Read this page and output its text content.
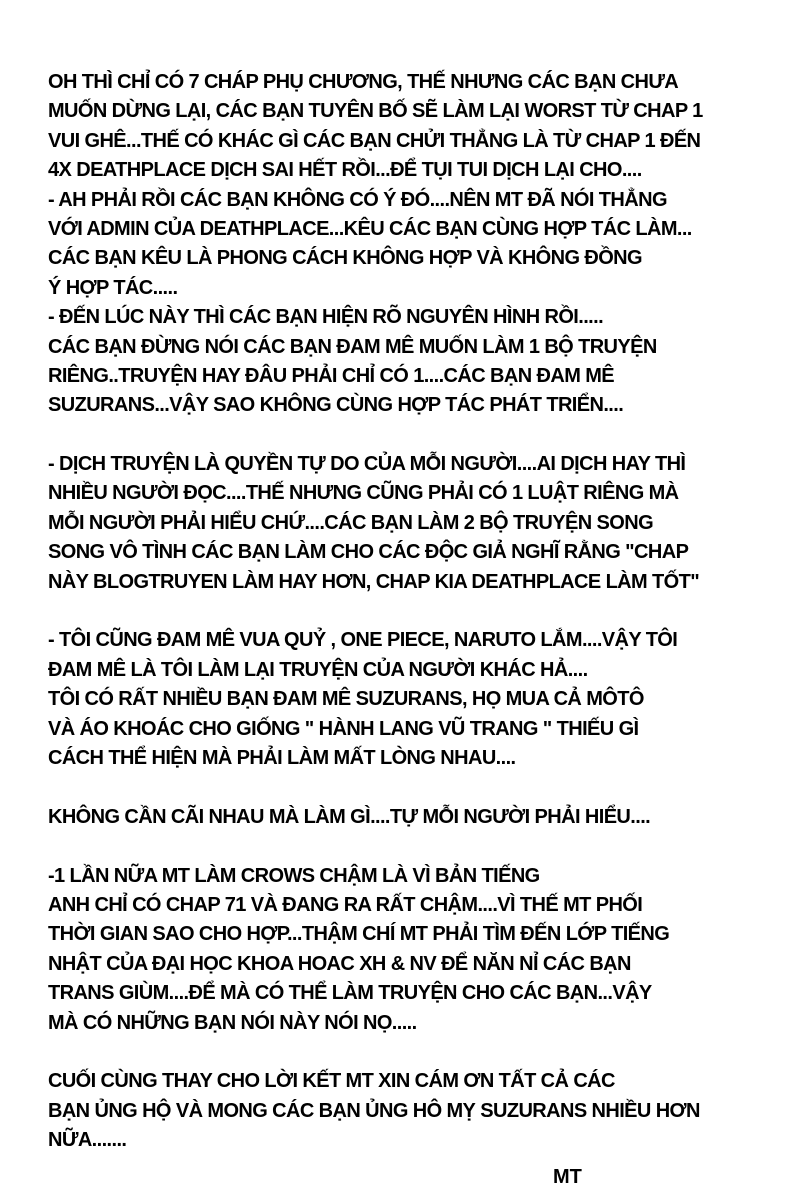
OH THÌ CHỈ CÓ 7 CHÁP PHỤ CHƯƠNG, THẾ NHƯNG CÁC BẠN CHƯA
MUỐN DỪNG LẠI, CÁC BẠN TUYÊN BỐ SẼ LÀM LẠI WORST TỪ CHAP 1
VUI GHÊ...THẾ CÓ KHÁC GÌ CÁC BẠN CHỬI THẲNG LÀ TỪ CHAP 1 ĐẾN
4X DEATHPLACE DỊCH SAI HẾT RỒI...ĐỂ TỤI TUI DỊCH LẠI CHO....
- AH PHẢI RỒI CÁC BẠN KHÔNG CÓ Ý ĐÓ....NÊN MT ĐÃ NÓI THẲNG
VỚI ADMIN CỦA DEATHPLACE...KÊU CÁC BẠN CÙNG HỢP TÁC LÀM...
CÁC BẠN KÊU LÀ PHONG CÁCH KHÔNG HỢP VÀ KHÔNG ĐỒNG
Ý HỢP TÁC.....
- ĐẾN LÚC NÀY THÌ CÁC BẠN HIỆN RÕ NGUYÊN HÌNH RỒI.....
CÁC BẠN ĐỪNG NÓI CÁC BẠN ĐAM MÊ MUỐN LÀM 1 BỘ TRUYỆN
RIÊNG..TRUYỆN HAY ĐÂU PHẢI CHỈ CÓ 1....CÁC BẠN ĐAM MÊ
SUZURANS...VẬY SAO KHÔNG CÙNG HỢP TÁC PHÁT TRIỂN....
- DỊCH TRUYỆN LÀ QUYỀN TỰ DO CỦA MỖI NGƯỜI....AI DỊCH HAY THÌ
NHIỀU NGƯỜI ĐỌC....THẾ NHƯNG CŨNG PHẢI CÓ 1 LUẬT RIÊNG MÀ
MỖI NGƯỜI PHẢI HIỂU CHỨ....CÁC BẠN LÀM 2 BỘ TRUYỆN SONG
SONG VÔ TÌNH CÁC BẠN LÀM CHO CÁC ĐỘC GIẢ NGHĨ RẰNG "CHAP
NÀY BLOGTRUYEN LÀM HAY HƠN, CHAP KIA DEATHPLACE LÀM TỐT"
- TÔI CŨNG ĐAM MÊ VUA QUỶ , ONE PIECE, NARUTO LẮM....VẬY TÔI
ĐAM MÊ LÀ TÔI LÀM LẠI TRUYỆN CỦA NGƯỜI KHÁC HẢ....
TÔI CÓ RẤT NHIỀU BẠN ĐAM MÊ SUZURANS, HỌ MUA CẢ MÔTÔ
VÀ ÁO KHOÁC CHO GIỐNG " HÀNH LANG VŨ TRANG " THIẾU GÌ
CÁCH THỂ HIỆN MÀ PHẢI LÀM MẤT LÒNG NHAU....
KHÔNG CẦN CÃI NHAU MÀ LÀM GÌ....TỰ MỖI NGƯỜI PHẢI HIỂU....
-1 LẦN NỮA MT LÀM CROWS CHẬM LÀ VÌ BẢN TIẾNG
ANH CHỈ CÓ CHAP 71 VÀ ĐANG RA RẤT CHẬM....VÌ THẾ MT PHỐI
THỜI GIAN SAO CHO HỢP...THẬM CHÍ MT PHẢI TÌM ĐẾN LỚP TIẾNG
NHẬT CỦA ĐẠI HỌC KHOA HOAC XH & NV ĐỂ NĂN NỈ CÁC BẠN
TRANS GIÙM....ĐỂ MÀ CÓ THỂ LÀM TRUYỆN CHO CÁC BẠN...VẬY
MÀ CÓ NHỮNG BẠN NÓI NÀY NÓI NỌ.....
CUỐI CÙNG THAY CHO LỜI KẾT MT XIN CÁM ƠN TẤT CẢ CÁC
BẠN ỦNG HỘ VÀ MONG CÁC BẠN ỦNG HÔ MỴ SUZURANS NHIỀU HƠN
NỮA.......
MT
